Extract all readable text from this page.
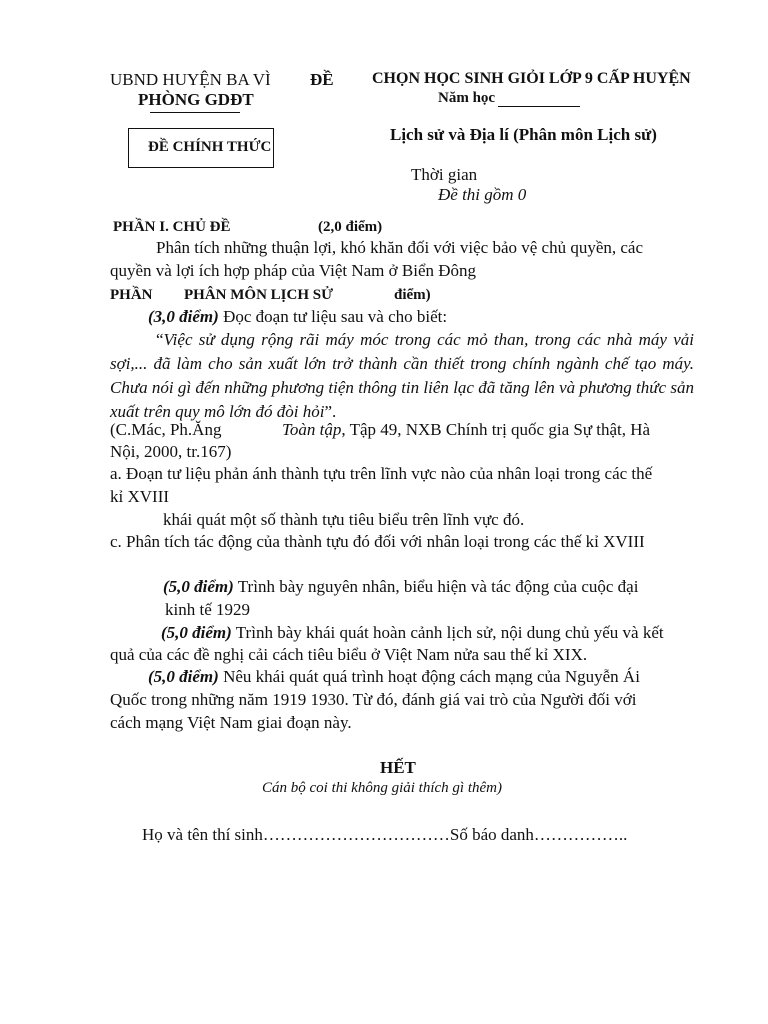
UBND HUYỆN BA VÌ
PHÒNG GDĐT
ĐỀ CHỌN HỌC SINH GIỎI LỚP 9 CẤP HUYỆN
Năm học
ĐỀ CHÍNH THỨC
Lịch sử và Địa lí (Phân môn Lịch sử)
Thời gian
Đề thi gồm 0
PHẦN I. CHỦ ĐỀ	(2,0 điểm)
Phân tích những thuận lợi, khó khăn đối với việc bảo vệ chủ quyền, các
quyền và lợi ích hợp pháp của Việt Nam ở Biển Đông
PHẦN PHÂN MÔN LỊCH SỬ	điểm)
(3,0 điểm) Đọc đoạn tư liệu sau và cho biết:
“Việc sử dụng rộng rãi máy móc trong các mỏ than, trong các nhà máy vải sợi,... đã làm cho sản xuất lớn trở thành cần thiết trong chính ngành chế tạo máy. Chưa nói gì đến những phương tiện thông tin liên lạc đã tăng lên và phương thức sản xuất trên quy mô lớn đó đòi hỏi”.
(C.Mác, Ph.Ăng	Toàn tập, Tập 49, NXB Chính trị quốc gia Sự thật, Hà
Nội, 2000, tr.167)
a. Đoạn tư liệu phản ánh thành tựu trên lĩnh vực nào của nhân loại trong các thế
kỉ XVIII
khái quát một số thành tựu tiêu biểu trên lĩnh vực đó.
c. Phân tích tác động của thành tựu đó đối với nhân loại trong các thế kỉ XVIII
(5,0 điểm) Trình bày nguyên nhân, biểu hiện và tác động của cuộc đại
kinh tế 1929
(5,0 điểm) Trình bày khái quát hoàn cảnh lịch sử, nội dung chủ yếu và kết
quả của các đề nghị cải cách tiêu biểu ở Việt Nam nửa sau thế kỉ XIX.
(5,0 điểm) Nêu khái quát quá trình hoạt động cách mạng của Nguyễn Ái
Quốc trong những năm 1919 1930. Từ đó, đánh giá vai trò của Người đối với
cách mạng Việt Nam giai đoạn này.
HẾT
Cán bộ coi thi không giải thích gì thêm)
Họ và tên thí sinh……………………………Số báo danh……………..
